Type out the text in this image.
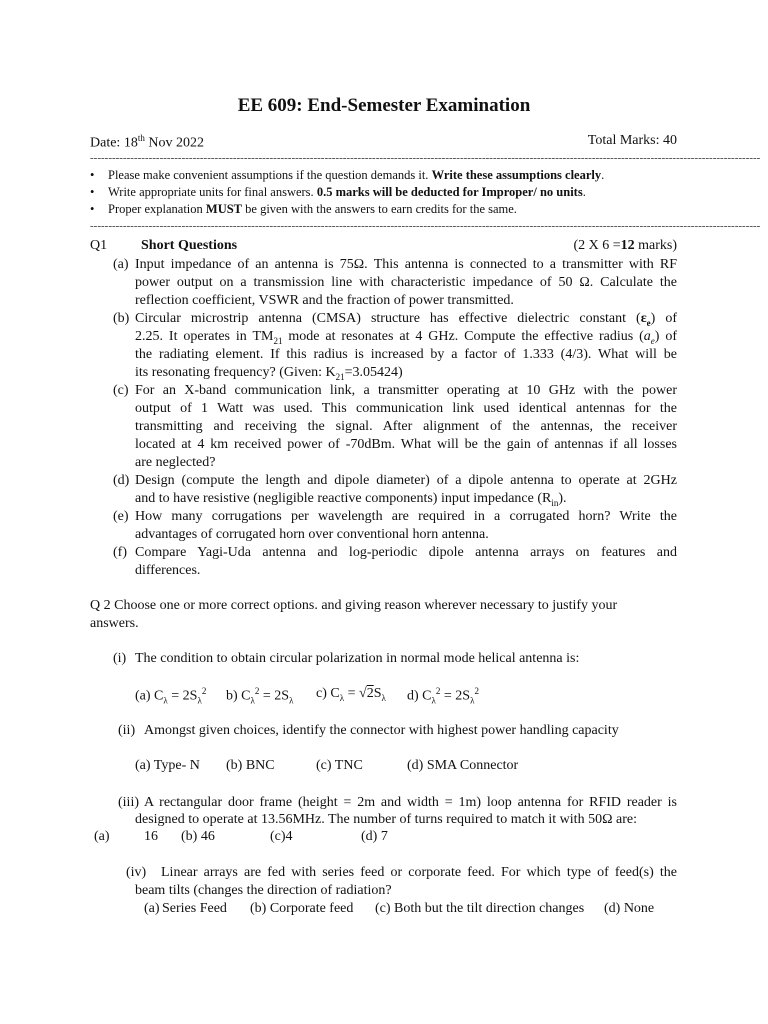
EE 609: End-Semester Examination
Date: 18th Nov 2022	Total Marks: 40
---------------------------------------------------------------------------------------------------------------------------------------------------------------------------------------
• Please make convenient assumptions if the question demands it. Write these assumptions clearly.
• Write appropriate units for final answers. 0.5 marks will be deducted for Improper/ no units.
• Proper explanation MUST be given with the answers to earn credits for the same.
---------------------------------------------------------------------------------------------------------------------------------------------------------------------------------------
Q1 Short Questions	(2 X 6 =12 marks)
(a) Input impedance of an antenna is 75Ω. This antenna is connected to a transmitter with RF
power output on a transmission line with characteristic impedance of 50 Ω. Calculate the
reflection coefficient, VSWR and the fraction of power transmitted.
(b) Circular microstrip antenna (CMSA) structure has effective dielectric constant $(\varepsilon_e)$ of
2.25. It operates in $TM_{21}$ mode at resonates at 4 GHz. Compute the effective radius $(a_e)$ of
the radiating element. If this radius is increased by a factor of 1.333 (4/3). What will be
its resonating frequency? (Given: $K_{21}=3.05424$)
(c) For an X-band communication link, a transmitter operating at 10 GHz with the power
output of 1 Watt was used. This communication link used identical antennas for the
transmitting and receiving the signal. After alignment of the antennas, the receiver
located at 4 km received power of -70dBm. What will be the gain of antennas if all losses
are neglected?
(d) Design (compute the length and dipole diameter) of a dipole antenna to operate at 2GHz
and to have resistive (negligible reactive components) input impedance $(R_{in})$.
(e) How many corrugations per wavelength are required in a corrugated horn? Write the
advantages of corrugated horn over conventional horn antenna.
(f) Compare Yagi-Uda antenna and log-periodic dipole antenna arrays on features and
differences.
Q 2 Choose one or more correct options. and giving reason wherever necessary to justify your
answers.
(i) The condition to obtain circular polarization in normal mode helical antenna is:
(a) $C_\lambda = 2S_\lambda^2$ b) $C_\lambda^2 = 2S_\lambda$ c) $C_\lambda = √2S_\lambda$ d) $C_\lambda^2 = 2S_\lambda^2$
(ii) Amongst given choices, identify the connector with highest power handling capacity
(a) Type- N (b) BNC	(c) TNC	(d) SMA Connector
(iii) A rectangular door frame (height = 2m and width = 1m) loop antenna for RFID reader is
designed to operate at 13.56MHz. The number of turns required to match it with 50Ω are:
(a) 16 (b) 46	(c)4	(d) 7
(iv) Linear arrays are fed with series feed or corporate feed. For which type of feed(s) the
beam tilts (changes the direction of radiation?
(a) Series Feed (b) Corporate feed (c) Both but the tilt direction changes (d) None
